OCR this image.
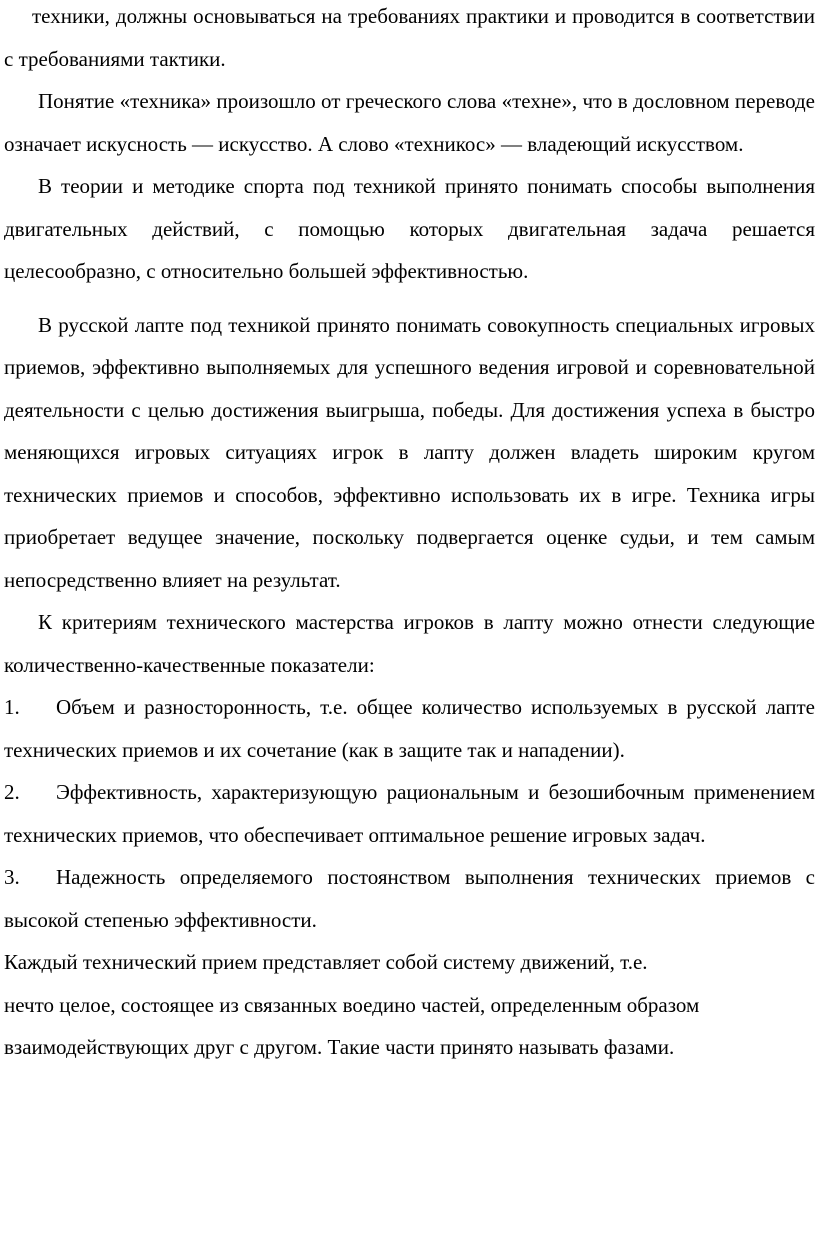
техники, должны основываться на требованиях практики и проводится в соответствии с требованиями тактики.

Понятие «техника» произошло от греческого слова «техне», что в дословном переводе означает искусность — искусство. А слово «техникос» — владеющий искусством.

В теории и методике спорта под техникой принято понимать способы выполнения двигательных действий, с помощью которых двигательная задача решается целесообразно, с относительно большей эффективностью.

В русской лапте под техникой принято понимать совокупность специальных игровых приемов, эффективно выполняемых для успешного ведения игровой и соревновательной деятельности с целью достижения выигрыша, победы. Для достижения успеха в быстро меняющихся игровых ситуациях игрок в лапту должен владеть широким кругом технических приемов и способов, эффективно использовать их в игре. Техника игры приобретает ведущее значение, поскольку подвергается оценке судьи, и тем самым непосредственно влияет на результат.

К критериям технического мастерства игроков в лапту можно отнести следующие количественно-качественные показатели:

1. Объем и разносторонность, т.е. общее количество используемых в русской лапте технических приемов и их сочетание (как в защите так и нападении).

2. Эффективность, характеризующую рациональным и безошибочным применением технических приемов, что обеспечивает оптимальное решение игровых задач.

3. Надежность определяемого постоянством выполнения технических приемов с высокой степенью эффективности.

Каждый технический прием представляет собой систему движений, т.е.
нечто целое, состоящее из связанных воедино частей, определенным образом взаимодействующих друг с другом. Такие части принято называть фазами.
